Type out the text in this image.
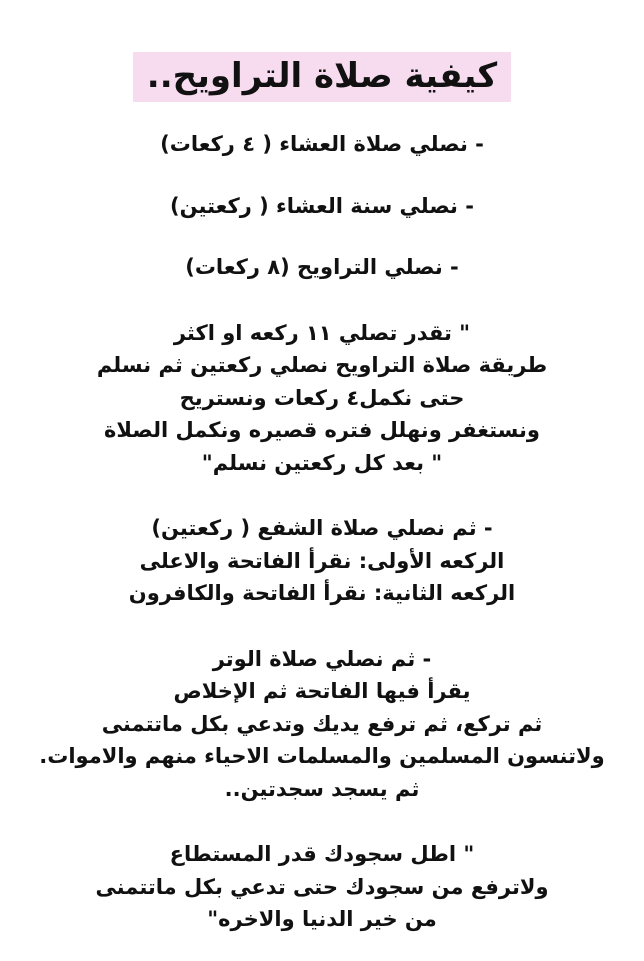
كيفية صلاة التراويح..

- نصلي صلاة العشاء ( ٤ ركعات)

- نصلي سنة العشاء ( ركعتين)

- نصلي التراويح (٨ ركعات)

" تقدر تصلي ١١ ركعه او اكثر

طريقة صلاة التراويح نصلي ركعتين ثم نسلم

حتى نكمل٤ ركعات ونستريح

ونستغفر ونهلل فتره قصيره ونكمل الصلاة

" بعد كل ركعتين نسلم"

- ثم نصلي صلاة الشفع ( ركعتين)

الركعه الأولى: نقرأ الفاتحة والاعلى

الركعه الثانية: نقرأ الفاتحة والكافرون

- ثم نصلي صلاة الوتر

يقرأ فيها الفاتحة ثم الإخلاص

ثم تركع، ثم ترفع يديك وتدعي بكل ماتتمنى

ولاتنسون المسلمين والمسلمات الاحياء منهم والاموات.

ثم يسجد سجدتين..

" اطل سجودك قدر المستطاع

ولاترفع من سجودك حتى تدعي بكل ماتتمنى

من خير الدنيا والاخره"
